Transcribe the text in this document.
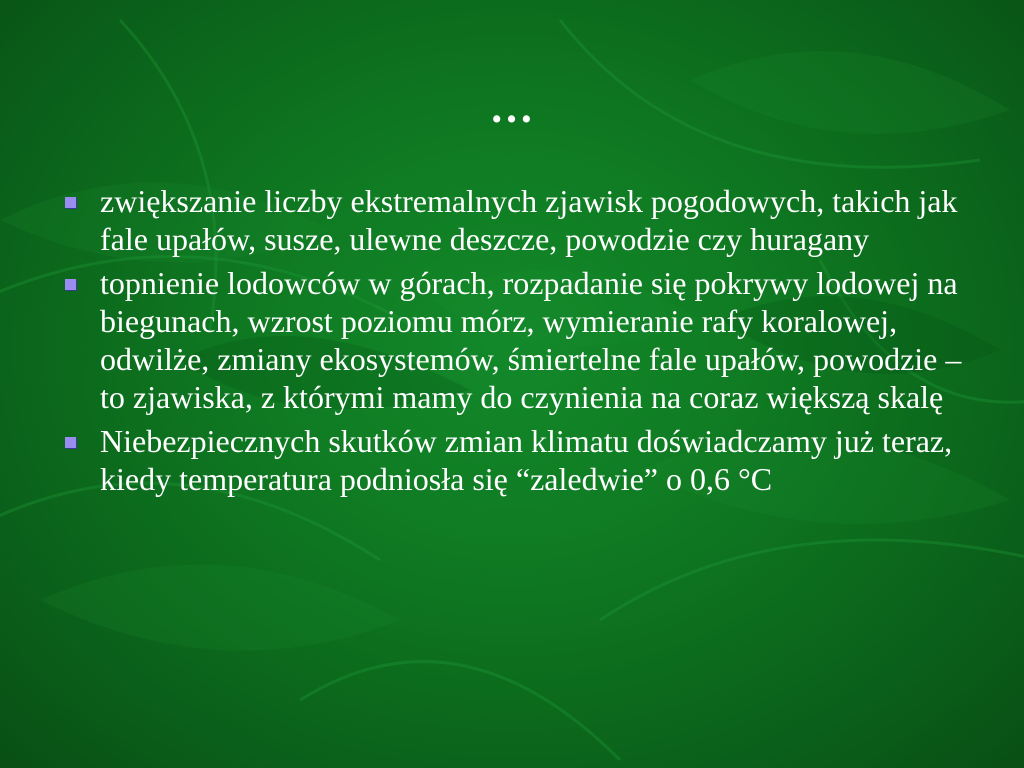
…
zwiększanie liczby ekstremalnych zjawisk pogodowych, takich jak fale upałów, susze, ulewne deszcze, powodzie czy huragany
topnienie lodowców w górach, rozpadanie się pokrywy lodowej na biegunach, wzrost poziomu mórz, wymieranie rafy koralowej, odwilże, zmiany ekosystemów, śmiertelne fale upałów, powodzie – to zjawiska, z którymi mamy do czynienia na coraz większą skalę
Niebezpiecznych skutków zmian klimatu doświadczamy już teraz, kiedy temperatura podniosła się “zaledwie” o 0,6 °C
